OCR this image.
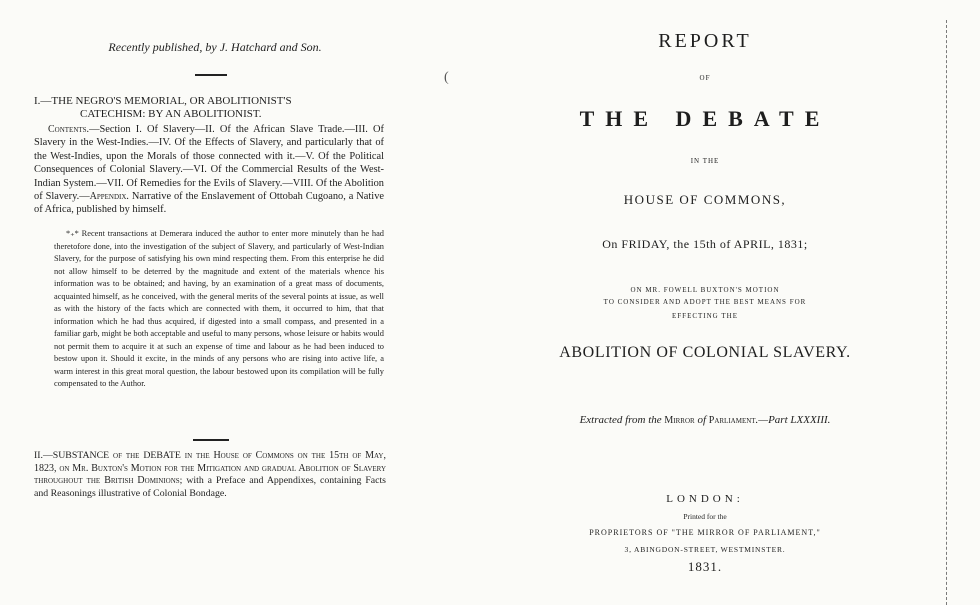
Recently published, by J. Hatchard and Son.
I.—THE NEGRO'S MEMORIAL, OR ABOLITIONIST'S
CATECHISM: BY AN ABOLITIONIST.
Contents.—Section I. Of Slavery—II. Of the African Slave Trade.—III. Of Slavery in the West-Indies.—IV. Of the Effects of Slavery, and particularly that of the West-Indies, upon the Morals of those connected with it.—V. Of the Political Consequences of Colonial Slavery.—VI. Of the Commercial Results of the West-Indian System.—VII. Of Remedies for the Evils of Slavery.—VIII. Of the Abolition of Slavery.—Appendix. Narrative of the Enslavement of Ottobah Cugoano, a Native of Africa, published by himself.
*₊* Recent transactions at Demerara induced the author to enter more minutely than he had theretofore done, into the investigation of the subject of Slavery, and particularly of West-Indian Slavery, for the purpose of satisfying his own mind respecting them. From this enterprise he did not allow himself to be deterred by the magnitude and extent of the materials whence his information was to be obtained; and having, by an examination of a great mass of documents, acquainted himself, as he conceived, with the general merits of the several points at issue, as well as with the history of the facts which are connected with them, it occurred to him, that that information which he had thus acquired, if digested into a small compass, and presented in a familiar garb, might be both acceptable and useful to many persons, whose leisure or habits would not permit them to acquire it at such an expense of time and labour as he had been induced to bestow upon it. Should it excite, in the minds of any persons who are rising into active life, a warm interest in this great moral question, the labour bestowed upon its compilation will be fully compensated to the Author.
II.—SUBSTANCE of the DEBATE in the House of Commons on the 15th of May, 1823, on Mr. Buxton's Motion for the Mitigation and gradual Abolition of Slavery throughout the British Dominions; with a Preface and Appendixes, containing Facts and Reasonings illustrative of Colonial Bondage.
REPORT
OF
THE DEBATE
IN THE
HOUSE OF COMMONS,
On FRIDAY, the 15th of APRIL, 1831;
ON MR. FOWELL BUXTON'S MOTION
TO CONSIDER AND ADOPT THE BEST MEANS FOR
EFFECTING THE
ABOLITION OF COLONIAL SLAVERY.
Extracted from the Mirror of Parliament.—Part LXXXIII.
LONDON:
Printed for the
PROPRIETORS OF "THE MIRROR OF PARLIAMENT,"
3, ABINGDON-STREET, WESTMINSTER.
1831.
(
